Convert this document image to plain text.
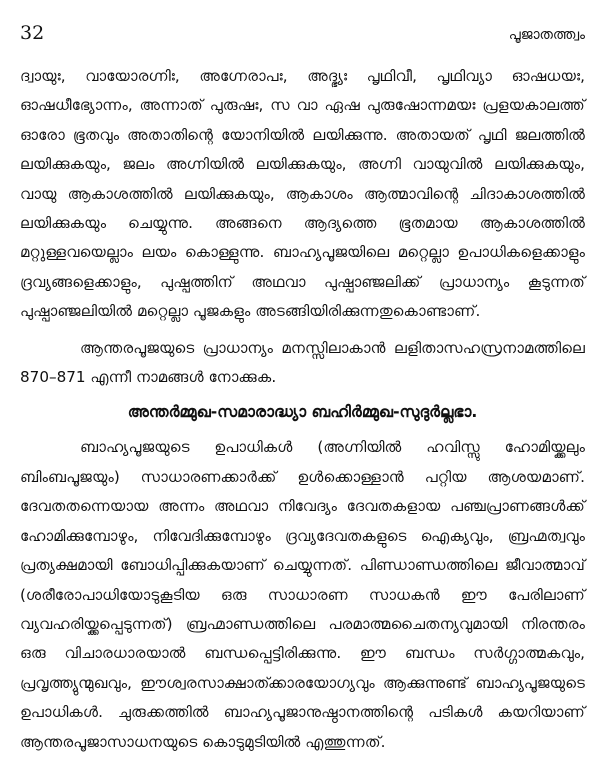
32	പൂജാതത്ത്വം

ദ്വായുഃ, വായോരഗ്നിഃ, അഗ്നേരാപഃ, അദ്ഭ്യഃ പൃഥിവീ, പൃഥിവ്യാ ഓഷധയഃ, ഓഷധീഭ്യോന്നം, അന്നാത് പുരുഷഃ, സ വാ ഏഷ പുരുഷോന്നമയഃ പ്രളയകാലത്ത് ഓരോ ഭൂതവും അതാതിന്റെ യോനിയിൽ ലയിക്കുന്നു. അതായത് പൃഥി ജലത്തിൽ ലയിക്കുകയും, ജലം അഗ്നിയിൽ ലയിക്കുകയും, അഗ്നി വായുവിൽ ലയിക്കുകയും, വായു ആകാശത്തിൽ ലയിക്കുകയും, ആകാശം ആത്മാവിന്റെ ചിദാകാശത്തിൽ ലയിക്കുകയും ചെയ്യുന്നു. അങ്ങനെ ആദ്യത്തെ ഭൂതമായ ആകാശത്തിൽ മറ്റുള്ളവയെല്ലാം ലയം കൊള്ളുന്നു. ബാഹ്യപൂജയിലെ മറ്റെല്ലാ ഉപാധികളെക്കാളും ദ്രവ്യങ്ങളെക്കാളും, പുഷ്പത്തിന് അഥവാ പുഷ്പാഞ്ജലിക്ക് പ്രാധാന്യം കൂടുന്നത് പുഷ്പാഞ്ജലിയിൽ മറ്റെല്ലാ പൂജകളും അടങ്ങിയിരിക്കുന്നതുകൊണ്ടാണ്.

ആന്തരപൂജയുടെ പ്രാധാന്യം മനസ്സിലാകാൻ ലളിതാസഹസ്രനാമത്തിലെ 870–871 എന്നീ നാമങ്ങൾ നോക്കുക.

അന്തർമ്മുഖ-സമാരാദ്ധ്യാ ബഹിർമ്മുഖ-സുദുർല്ലഭാ.

ബാഹ്യപൂജയുടെ ഉപാധികൾ (അഗ്നിയിൽ ഹവിസ്സു ഹോമിയ്ക്കലും ബിംബപൂജയും) സാധാരണക്കാർക്ക് ഉൾക്കൊള്ളാൻ പറ്റിയ ആശയമാണ്. ദേവതതന്നെയായ അന്നം അഥവാ നിവേദ്യം ദേവതകളായ പഞ്ചപ്രാണങ്ങൾക്ക് ഹോമിക്കുമ്പോഴും, നിവേദിക്കുമ്പോഴും ദ്രവ്യദേവതകളുടെ ഐക്യവും, ബ്രഹ്മത്വവും പ്രത്യക്ഷമായി ബോധിപ്പിക്കുകയാണ് ചെയ്യുന്നത്. പിണ്ഡാണ്ഡത്തിലെ ജീവാത്മാവ് (ശരീരോപാധിയോടുകൂടിയ ഒരു സാധാരണ സാധകൻ ഈ പേരിലാണ് വ്യവഹരിയ്ക്കപ്പെടുന്നത്) ബ്രഹ്മാണ്ഡത്തിലെ പരമാത്മചൈതന്യവുമായി നിരന്തരം ഒരു വിചാരധാരയാൽ ബന്ധപ്പെട്ടിരിക്കുന്നു. ഈ ബന്ധം സർഗ്ഗാത്മകവും, പ്രവൃത്ത്യുന്മുഖവും, ഈശ്വരസാക്ഷാത്ക്കാരയോഗ്യവും ആക്കുന്നുണ്ട് ബാഹ്യപൂജയുടെ ഉപാധികൾ. ചുരുക്കത്തിൽ ബാഹ്യപൂജാനുഷ്ഠാനത്തിന്റെ പടികൾ കയറിയാണ് ആന്തരപൂജാസാധനയുടെ കൊടുമുടിയിൽ എത്തുന്നത്.
